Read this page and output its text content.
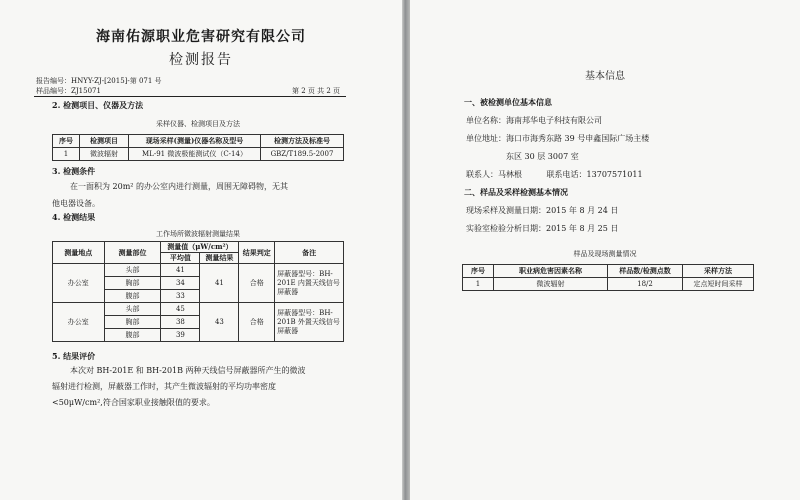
海南佑源职业危害研究有限公司
检测报告
报告编号：HNYY-ZJ-[2015]-第 071 号
样品编号：ZJ15071	第 2 页 共 2 页
2. 检测项目、仪器及方法
采样仪器、检测项目及方法
序号	检测项目	现场采样(测量)仪器名称及型号	检测方法及标准号
1	微波辐射	ML-91 微波极能测试仪（C-14）	GBZ/T189.5-2007
3. 检测条件
在一面积为 20m² 的办公室内进行测量，周围无障碍物，无其
他电器设备。
4. 检测结果
工作场所微波辐射测量结果
测量地点	测量部位	测量值（μW/cm²）		结果判定	备注
		平均值	测量结果		
办公室	头部	41	41	合格	屏蔽器型号：BH-201E 内置天线信号屏蔽器
	胸部	34			
	腹部	33			
办公室	头部	45	43	合格	屏蔽器型号：BH-201B 外置天线信号屏蔽器
	胸部	38			
	腹部	39			
5. 结果评价
本次对 BH-201E 和 BH-201B 两种天线信号屏蔽器所产生的微波
辐射进行检测，屏蔽器工作时，其产生微波辐射的平均功率密度
<50μW/cm²,符合国家职业接触限值的要求。
基本信息
一、被检测单位基本信息
单位名称：海南邦华电子科技有限公司
单位地址：海口市海秀东路 39 号申鑫国际广场主楼
东区 30 层 3007 室
联系人：马林根	联系电话：13707571011
二、样品及采样检测基本情况
现场采样及测量日期：2015 年 8 月 24 日
实验室检验分析日期：2015 年 8 月 25 日
样品及现场测量情况
序号	职业病危害因素名称	样品数/检测点数	采样方法
1	微波辐射	18/2	定点短时间采样
